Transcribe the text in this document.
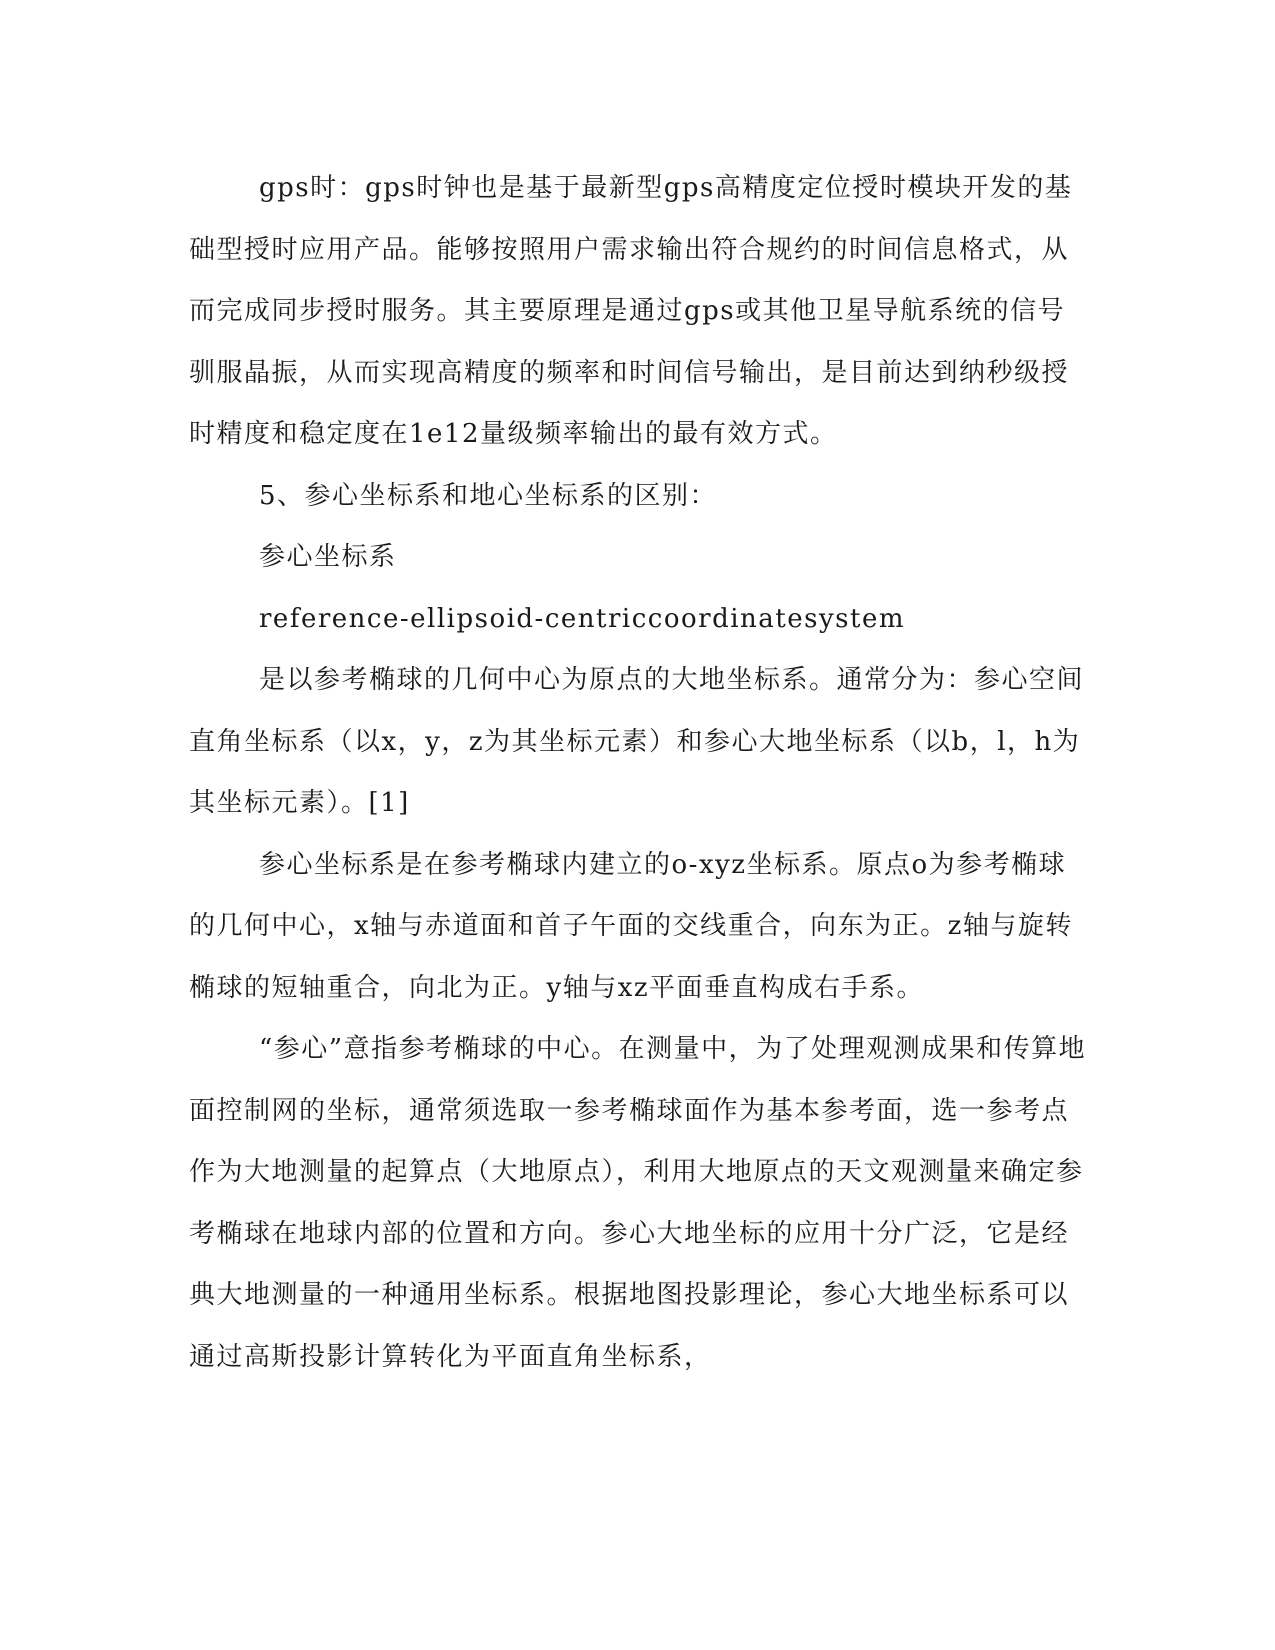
gps时：gps时钟也是基于最新型gps高精度定位授时模块开发的基础型授时应用产品。能够按照用户需求输出符合规约的时间信息格式，从而完成同步授时服务。其主要原理是通过gps或其他卫星导航系统的信号驯服晶振，从而实现高精度的频率和时间信号输出，是目前达到纳秒级授时精度和稳定度在1e12量级频率输出的最有效方式。

5、参心坐标系和地心坐标系的区别：

参心坐标系

reference-ellipsoid-centriccoordinatesystem

是以参考椭球的几何中心为原点的大地坐标系。通常分为：参心空间直角坐标系（以x，y，z为其坐标元素）和参心大地坐标系（以b，l，h为其坐标元素）。[1]

参心坐标系是在参考椭球内建立的o-xyz坐标系。原点o为参考椭球的几何中心，x轴与赤道面和首子午面的交线重合，向东为正。z轴与旋转椭球的短轴重合，向北为正。y轴与xz平面垂直构成右手系。

“参心”意指参考椭球的中心。在测量中，为了处理观测成果和传算地面控制网的坐标，通常须选取一参考椭球面作为基本参考面，选一参考点作为大地测量的起算点（大地原点），利用大地原点的天文观测量来确定参考椭球在地球内部的位置和方向。参心大地坐标的应用十分广泛，它是经典大地测量的一种通用坐标系。根据地图投影理论，参心大地坐标系可以通过高斯投影计算转化为平面直角坐标系，
